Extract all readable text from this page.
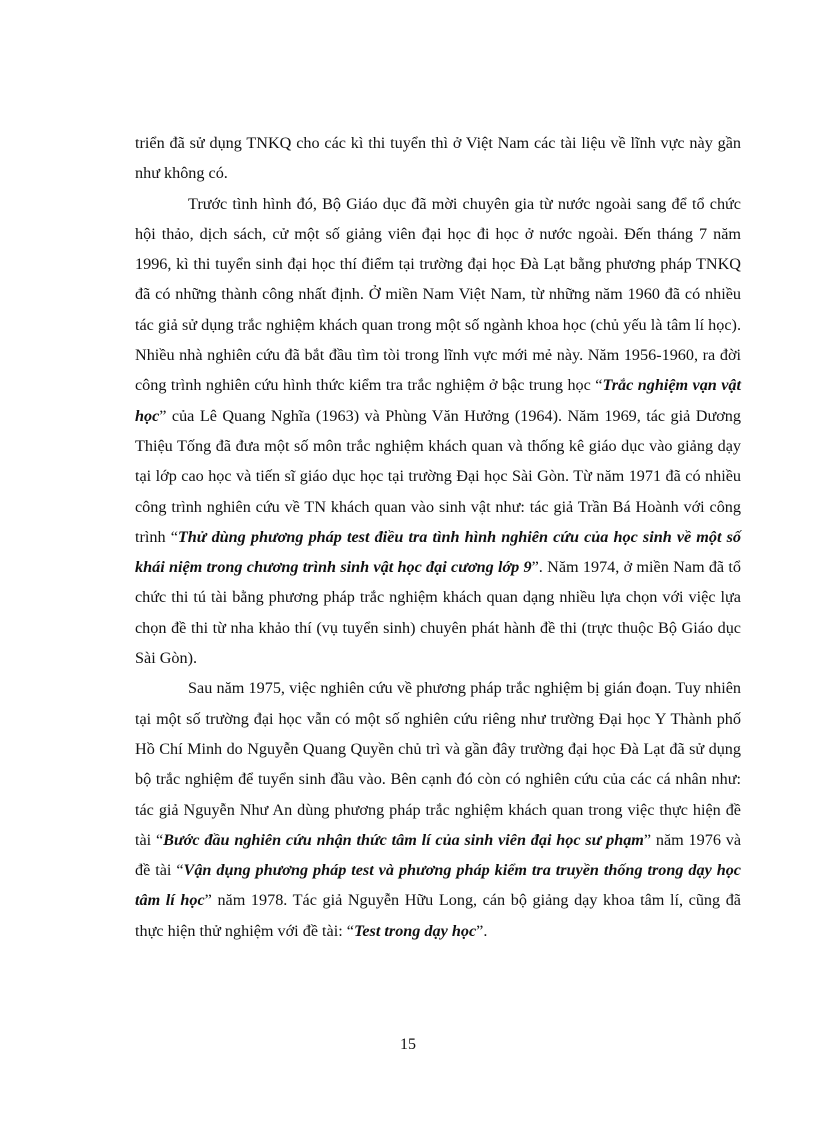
triển đã sử dụng TNKQ cho các kì thi tuyển thì ở Việt Nam các tài liệu về lĩnh vực này gần như không có.

Trước tình hình đó, Bộ Giáo dục đã mời chuyên gia từ nước ngoài sang để tổ chức hội thảo, dịch sách, cử một số giảng viên đại học đi học ở nước ngoài. Đến tháng 7 năm 1996, kì thi tuyển sinh đại học thí điểm tại trường đại học Đà Lạt bằng phương pháp TNKQ đã có những thành công nhất định. Ở miền Nam Việt Nam, từ những năm 1960 đã có nhiều tác giả sử dụng trắc nghiệm khách quan trong một số ngành khoa học (chủ yếu là tâm lí học). Nhiều nhà nghiên cứu đã bắt đầu tìm tòi trong lĩnh vực mới mẻ này. Năm 1956-1960, ra đời công trình nghiên cứu hình thức kiểm tra trắc nghiệm ở bậc trung học “Trắc nghiệm vạn vật học” của Lê Quang Nghĩa (1963) và Phùng Văn Hưởng (1964). Năm 1969, tác giả Dương Thiệu Tống đã đưa một số môn trắc nghiệm khách quan và thống kê giáo dục vào giảng dạy tại lớp cao học và tiến sĩ giáo dục học tại trường Đại học Sài Gòn. Từ năm 1971 đã có nhiều công trình nghiên cứu về TN khách quan vào sinh vật như: tác giả Trần Bá Hoành với công trình “Thử dùng phương pháp test điều tra tình hình nghiên cứu của học sinh về một số khái niệm trong chương trình sinh vật học đại cương lớp 9”. Năm 1974, ở miền Nam đã tổ chức thi tú tài bằng phương pháp trắc nghiệm khách quan dạng nhiều lựa chọn với việc lựa chọn đề thi từ nha khảo thí (vụ tuyển sinh) chuyên phát hành đề thi (trực thuộc Bộ Giáo dục Sài Gòn).

Sau năm 1975, việc nghiên cứu về phương pháp trắc nghiệm bị gián đoạn. Tuy nhiên tại một số trường đại học vẫn có một số nghiên cứu riêng như trường Đại học Y Thành phố Hồ Chí Minh do Nguyễn Quang Quyền chủ trì và gần đây trường đại học Đà Lạt đã sử dụng bộ trắc nghiệm để tuyển sinh đầu vào. Bên cạnh đó còn có nghiên cứu của các cá nhân như: tác giả Nguyễn Như An dùng phương pháp trắc nghiệm khách quan trong việc thực hiện đề tài “Bước đầu nghiên cứu nhận thức tâm lí của sinh viên đại học sư phạm” năm 1976 và đề tài “Vận dụng phương pháp test và phương pháp kiểm tra truyền thống trong dạy học tâm lí học” năm 1978. Tác giả Nguyễn Hữu Long, cán bộ giảng dạy khoa tâm lí, cũng đã thực hiện thử nghiệm với đề tài: “Test trong dạy học”.

15
